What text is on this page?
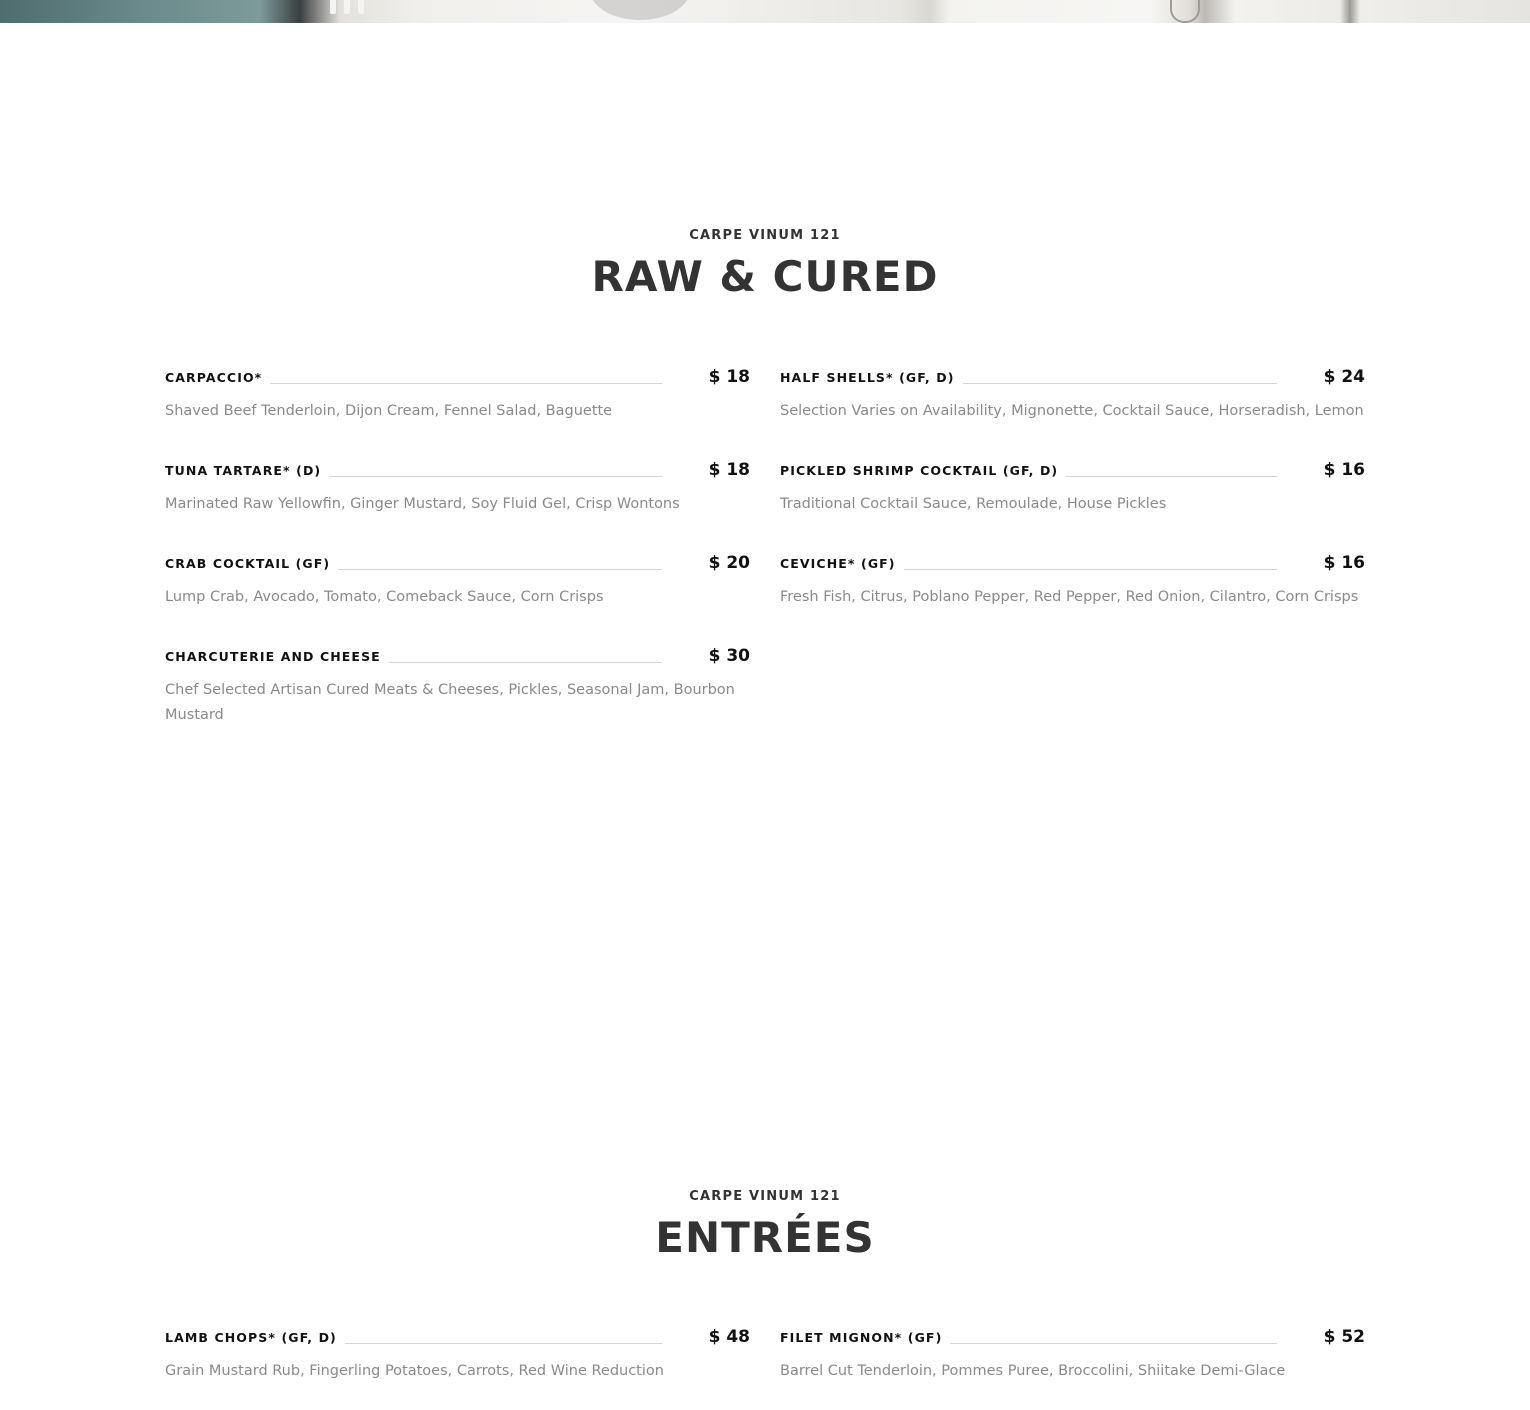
CARPE VINUM 121
RAW & CURED
CARPACCIO*	$ 18

Shaved Beef Tenderloin, Dijon Cream, Fennel Salad, Baguette

HALF SHELLS* (GF, D)	$ 24

Selection Varies on Availability, Mignonette, Cocktail Sauce, Horseradish, Lemon

TUNA TARTARE* (D)	$ 18

Marinated Raw Yellowfin, Ginger Mustard, Soy Fluid Gel, Crisp Wontons

PICKLED SHRIMP COCKTAIL (GF, D)	$ 16

Traditional Cocktail Sauce, Remoulade, House Pickles

CRAB COCKTAIL (GF)	$ 20

Lump Crab, Avocado, Tomato, Comeback Sauce, Corn Crisps

CEVICHE* (GF)	$ 16

Fresh Fish, Citrus, Poblano Pepper, Red Pepper, Red Onion, Cilantro, Corn Crisps

CHARCUTERIE AND CHEESE	$ 30

Chef Selected Artisan Cured Meats & Cheeses, Pickles, Seasonal Jam, Bourbon Mustard

CARPE VINUM 121
ENTRÉES
LAMB CHOPS* (GF, D)	$ 48

Grain Mustard Rub, Fingerling Potatoes, Carrots, Red Wine Reduction

FILET MIGNON* (GF)	$ 52

Barrel Cut Tenderloin, Pommes Puree, Broccolini, Shiitake Demi-Glace
